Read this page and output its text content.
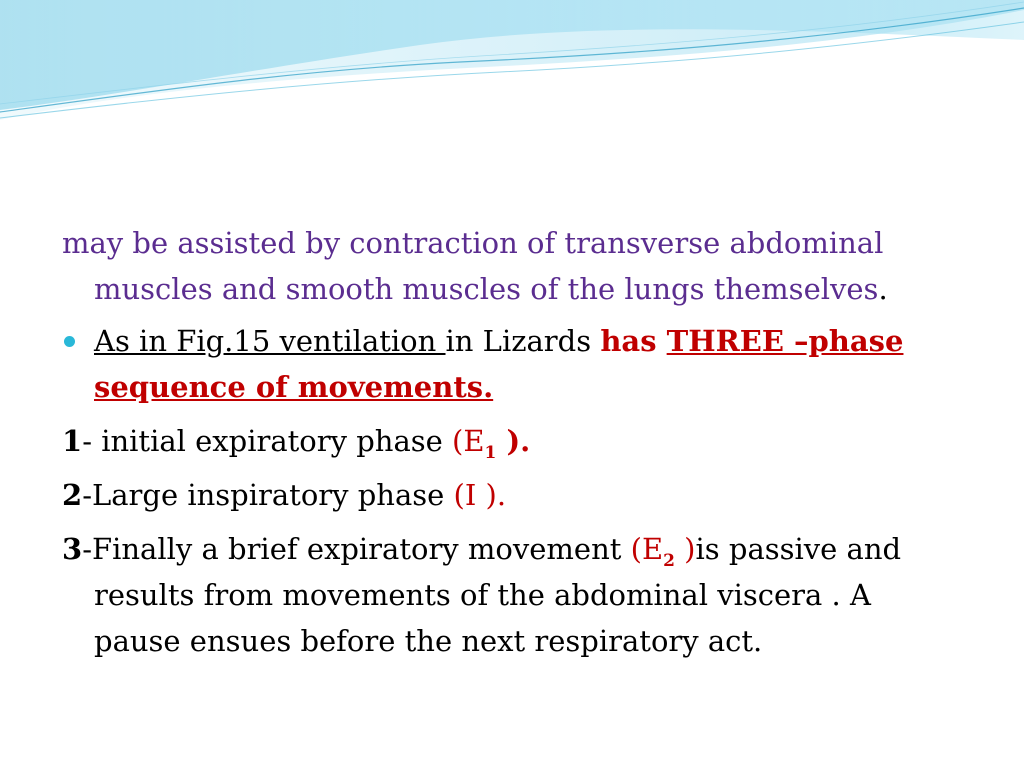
may be assisted by contraction of transverse abdominal muscles and smooth muscles of the lungs themselves.

As in Fig.15 ventilation in Lizards has THREE –phase sequence of movements.

1- initial expiratory phase ($E_1$ ).

2-Large inspiratory phase (I ).

3-Finally a brief expiratory movement ($E_2$ )is passive and results from movements of the abdominal viscera . A pause ensues before the next respiratory act.
